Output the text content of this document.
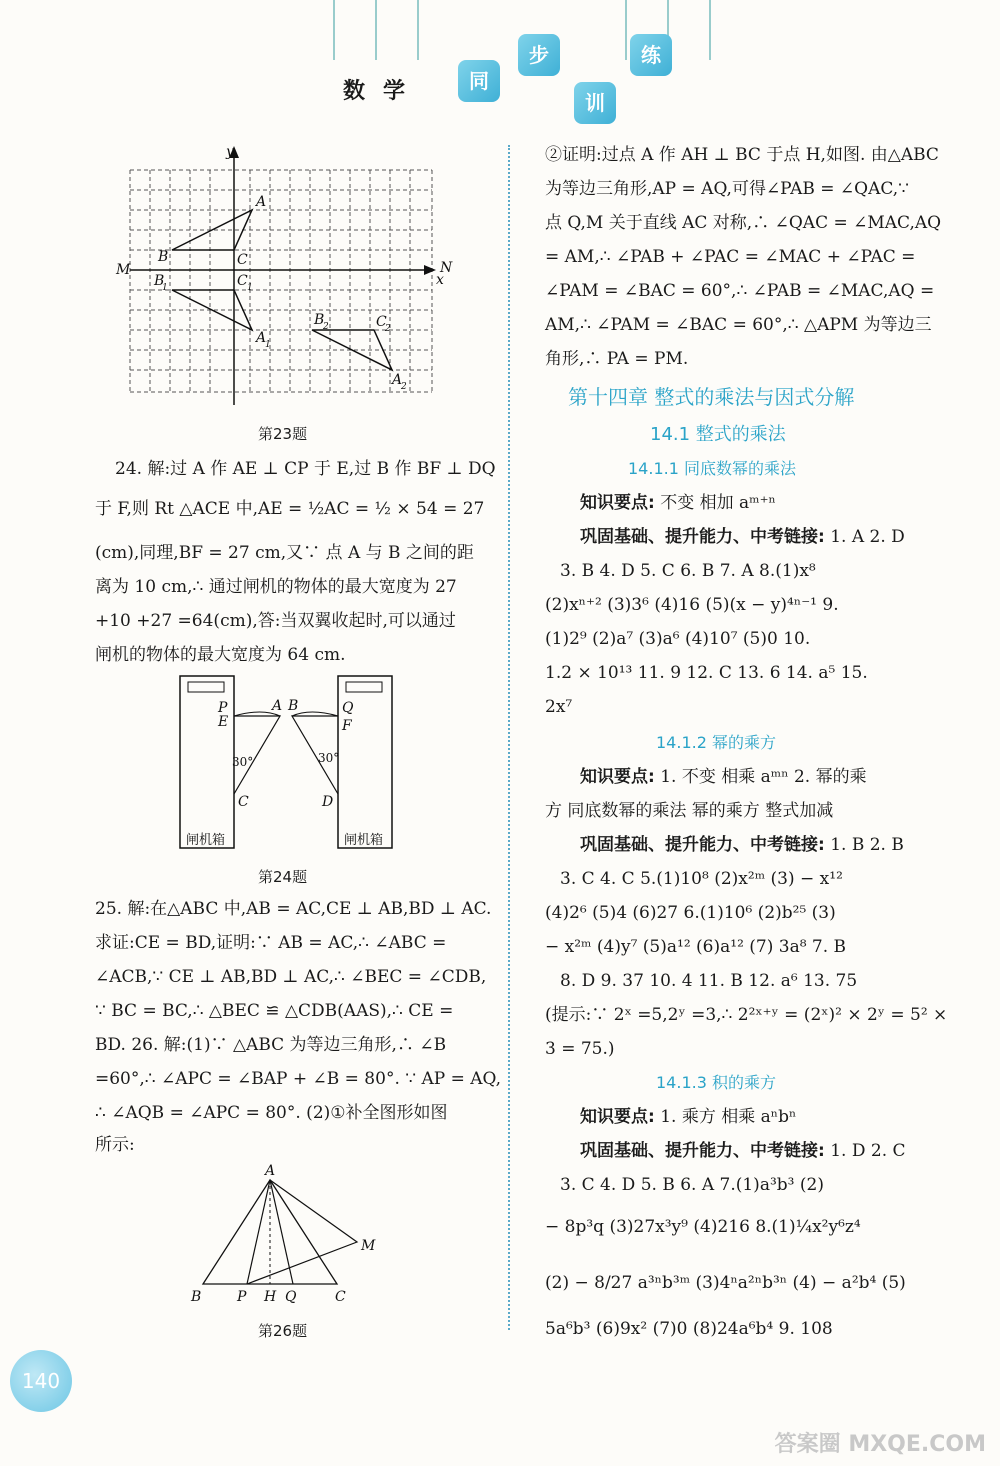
数学	同
步
训
练
y
x
M	N
A
B	C
B
1	C 1
A
1
B
2	C
2
A
2
第23题
24. 解:过 A 作 AE ⊥ CP 于 E,过 B 作 BF ⊥ DQ
于 F,则 Rt △ACE 中,AE = ½AC = ½ × 54 = 27
(cm),同理,BF = 27 cm,又∵ 点 A 与 B 之间的距
离为 10 cm,∴ 通过闸机的物体的最大宽度为 27
+10 +27 =64(cm),答:当双翼收起时,可以通过
闸机的物体的最大宽度为 64 cm.
P
E
A
C
B	Q
F
D
30°	30°
闸机箱	闸机箱
第24题
25. 解:在△ABC 中,AB = AC,CE ⊥ AB,BD ⊥ AC.
求证:CE = BD,证明:∵ AB = AC,∴ ∠ABC =
∠ACB,∵ CE ⊥ AB,BD ⊥ AC,∴ ∠BEC = ∠CDB,
∵ BC = BC,∴ △BEC ≌ △CDB(AAS),∴ CE =
BD. 26. 解:(1)∵ △ABC 为等边三角形,∴ ∠B
=60°,∴ ∠APC = ∠BAP + ∠B = 80°. ∵ AP = AQ,
∴ ∠AQB = ∠APC = 80°. (2)①补全图形如图
所示:
A
M
B	P H Q	C
第26题
②证明:过点 A 作 AH ⊥ BC 于点 H,如图. 由△ABC
为等边三角形,AP = AQ,可得∠PAB = ∠QAC,∵
点 Q,M 关于直线 AC 对称,∴ ∠QAC = ∠MAC,AQ
= AM,∴ ∠PAB + ∠PAC = ∠MAC + ∠PAC =
∠PAM = ∠BAC = 60°,∴ ∠PAB = ∠MAC,AQ =
AM,∴ ∠PAM = ∠BAC = 60°,∴ △APM 为等边三
角形,∴ PA = PM.
第十四章 整式的乘法与因式分解
14.1 整式的乘法
14.1.1 同底数幂的乘法
知识要点: 不变 相加 aᵐ⁺ⁿ
巩固基础、提升能力、中考链接: 1. A 2. D
3. B 4. D 5. C 6. B 7. A 8.(1)x⁸
(2)xⁿ⁺² (3)3⁶ (4)16 (5)(x − y)⁴ⁿ⁻¹ 9.
(1)2⁹ (2)a⁷ (3)a⁶ (4)10⁷ (5)0 10.
1.2 × 10¹³ 11. 9 12. C 13. 6 14. a⁵ 15.
2x⁷
14.1.2 幂的乘方
知识要点: 1. 不变 相乘 aᵐⁿ 2. 幂的乘
方 同底数幂的乘法 幂的乘方 整式加减
巩固基础、提升能力、中考链接: 1. B 2. B
3. C 4. C 5.(1)10⁸ (2)x²ᵐ (3) − x¹²
(4)2⁶ (5)4 (6)27 6.(1)10⁶ (2)b²⁵ (3)
− x²ᵐ (4)y⁷ (5)a¹² (6)a¹² (7) 3a⁸ 7. B
8. D 9. 37 10. 4 11. B 12. a⁶ 13. 75
(提示:∵ 2ˣ =5,2ʸ =3,∴ 2²ˣ⁺ʸ = (2ˣ)² × 2ʸ = 5² ×
3 = 75.)
14.1.3 积的乘方
知识要点: 1. 乘方 相乘 aⁿbⁿ
巩固基础、提升能力、中考链接: 1. D 2. C
3. C 4. D 5. B 6. A 7.(1)a³b³ (2)
− 8p³q (3)27x³y⁹ (4)216 8.(1)¼x²y⁶z⁴
(2) − 8/27 a³ⁿb³ᵐ (3)4ⁿa²ⁿb³ⁿ (4) − a²b⁴ (5)
5a⁶b³ (6)9x² (7)0 (8)24a⁶b⁴ 9. 108
140
答案圈 MXQE.COM
